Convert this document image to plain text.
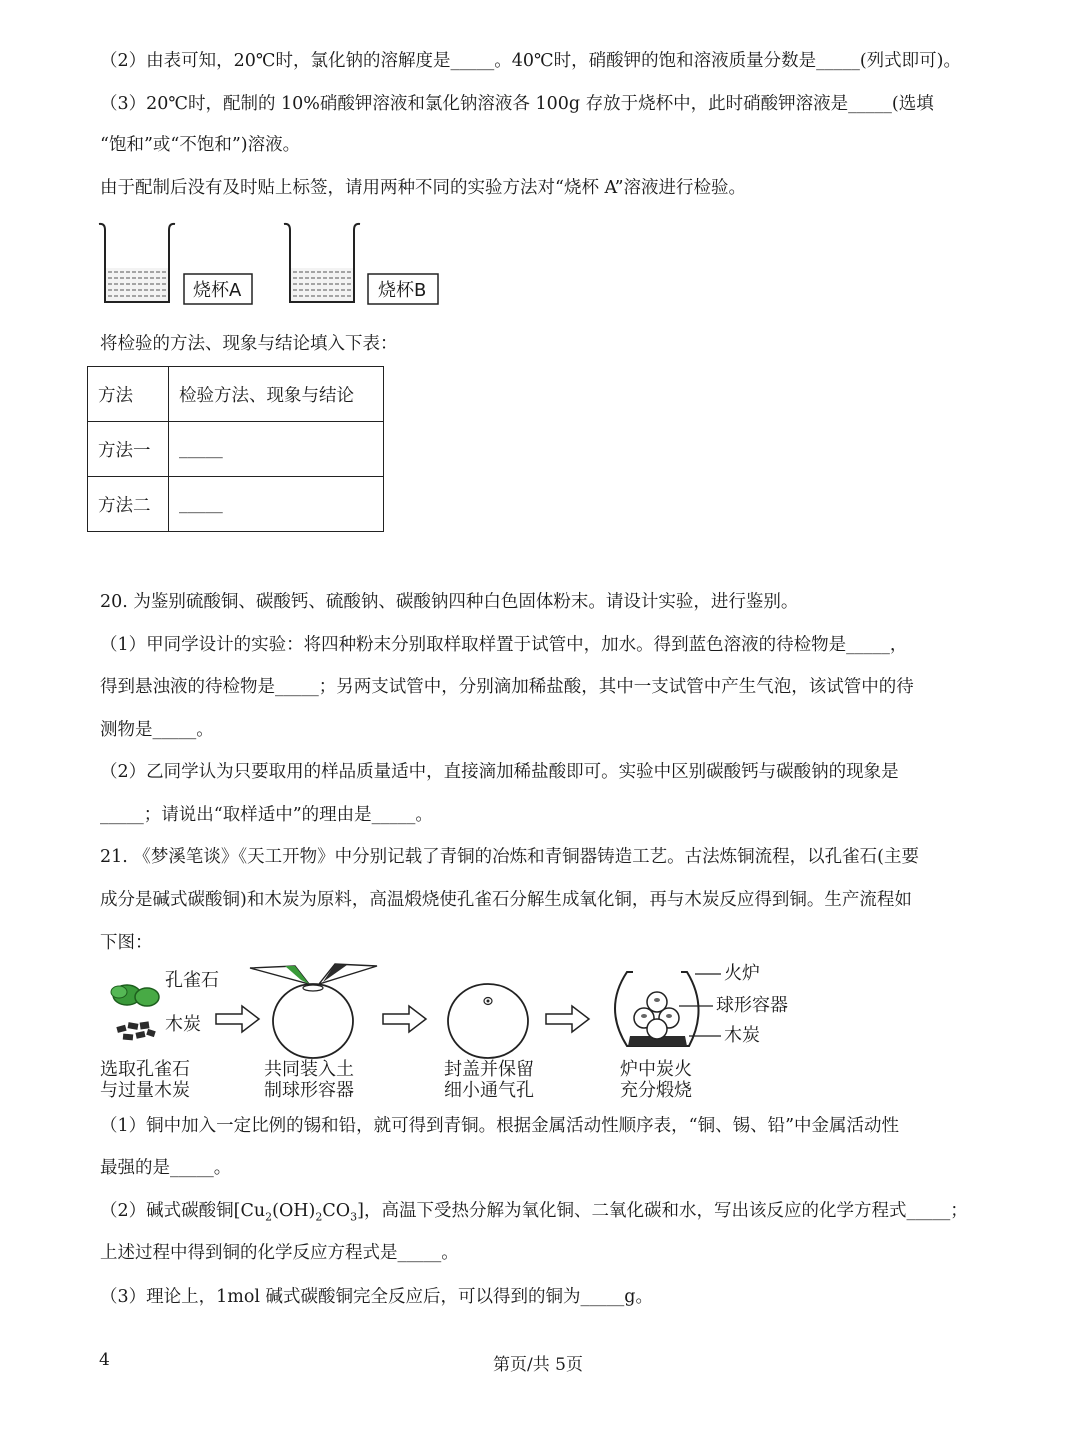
（2）由表可知，20℃时，氯化钠的溶解度是_____。40℃时，硝酸钾的饱和溶液质量分数是_____(列式即可)。
（3）20℃时，配制的 10%硝酸钾溶液和氯化钠溶液各 100g 存放于烧杯中，此时硝酸钾溶液是_____(选填
“饱和”或“不饱和”)溶液。
由于配制后没有及时贴上标签，请用两种不同的实验方法对“烧杯 A”溶液进行检验。
烧杯A	烧杯B
将检验的方法、现象与结论填入下表：
方法	检验方法、现象与结论
方法一	_____
方法二	_____
20. 为鉴别硫酸铜、碳酸钙、硫酸钠、碳酸钠四种白色固体粉末。请设计实验，进行鉴别。
（1）甲同学设计的实验：将四种粉末分别取样取样置于试管中，加水。得到蓝色溶液的待检物是_____，
得到悬浊液的待检物是_____；另两支试管中，分别滴加稀盐酸，其中一支试管中产生气泡，该试管中的待
测物是_____。
（2）乙同学认为只要取用的样品质量适中，直接滴加稀盐酸即可。实验中区别碳酸钙与碳酸钠的现象是
_____；请说出“取样适中”的理由是_____。
21. 《梦溪笔谈》《天工开物》中分别记载了青铜的冶炼和青铜器铸造工艺。古法炼铜流程，以孔雀石(主要
成分是碱式碳酸铜)和木炭为原料，高温煅烧使孔雀石分解生成氧化铜，再与木炭反应得到铜。生产流程如
下图：
孔雀石
木炭
选取孔雀石
与过量木炭
共同装入土
制球形容器
封盖并保留
细小通气孔
炉中炭火
充分煅烧
火炉
球形容器
木炭
（1）铜中加入一定比例的锡和铅，就可得到青铜。根据金属活动性顺序表，“铜、锡、铅”中金属活动性
最强的是_____。
（2）碱式碳酸铜$[Cu_2(OH)_2CO_3]$，高温下受热分解为氧化铜、二氧化碳和水，写出该反应的化学方程式_____；
上述过程中得到铜的化学反应方程式是_____。
（3）理论上，1mol 碱式碳酸铜完全反应后，可以得到的铜为_____g。
4	第页/共 5页
